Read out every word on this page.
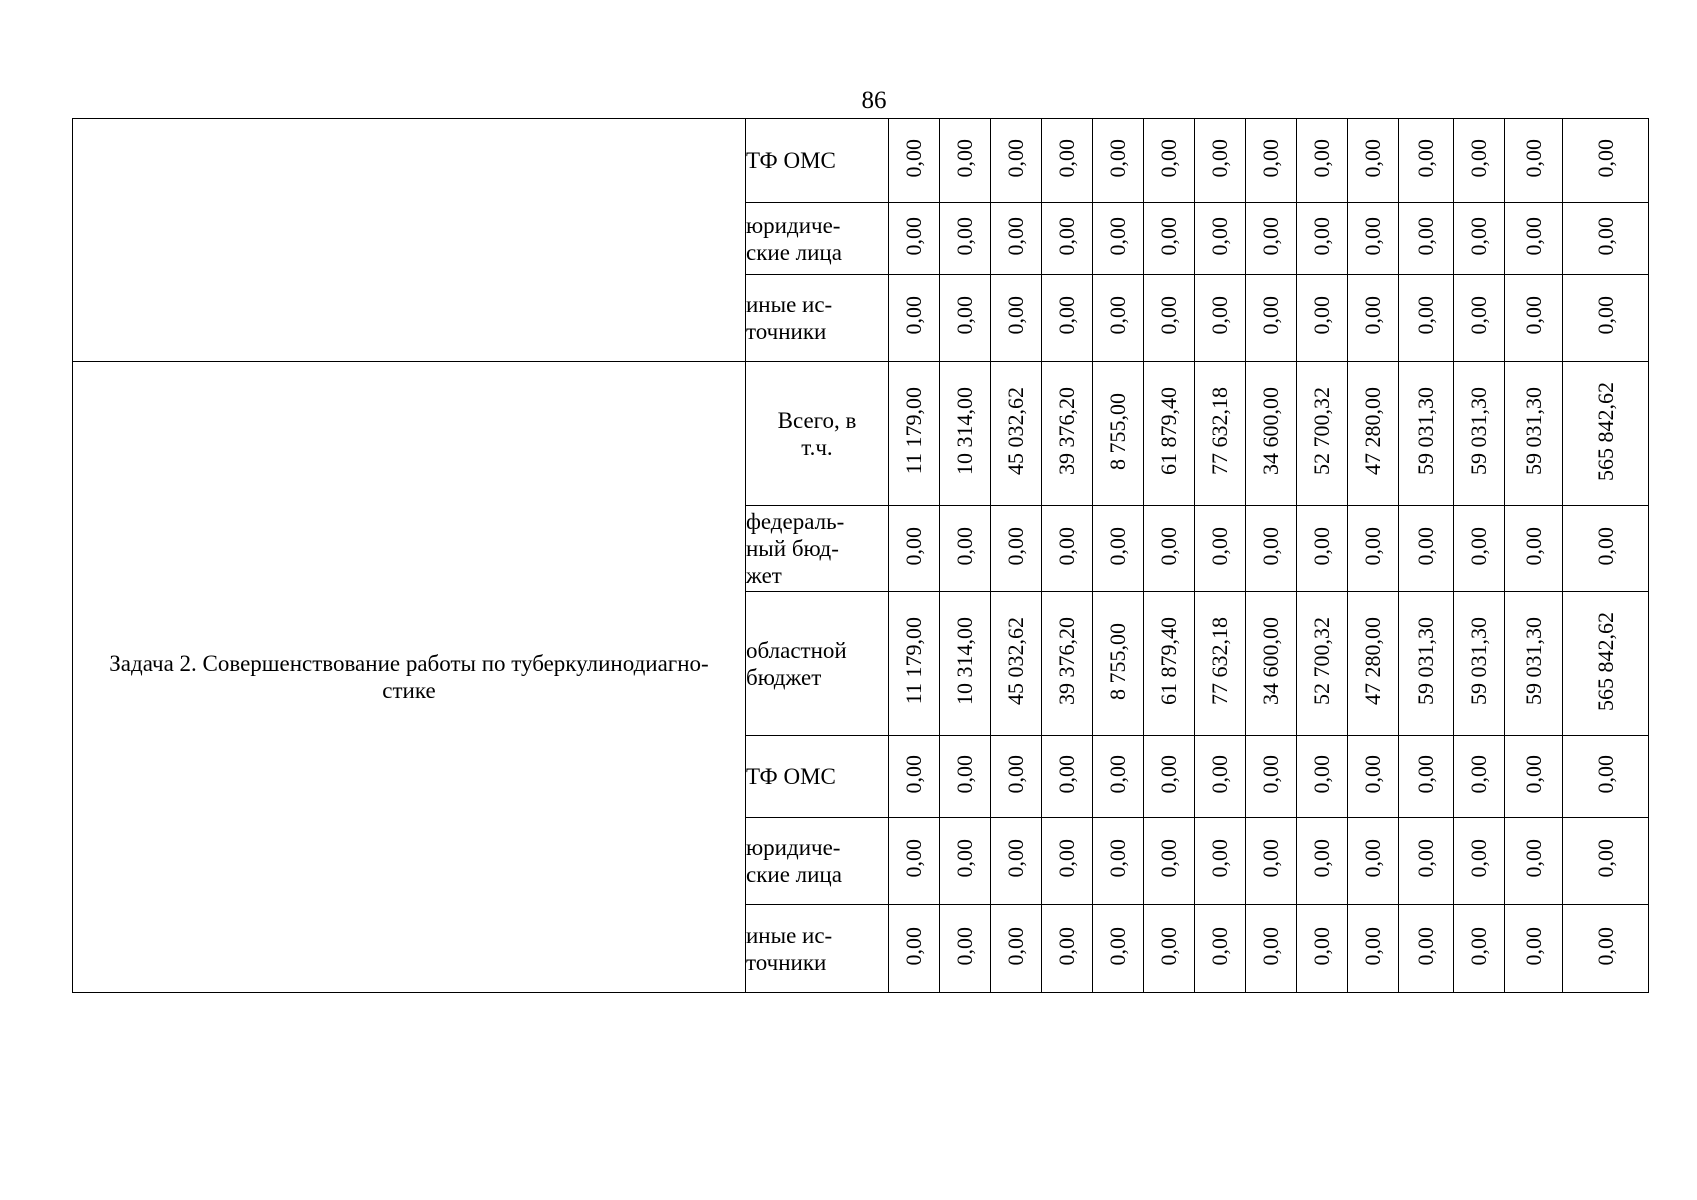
86
	ТФ ОМС	0,00	0,00	0,00	0,00	0,00	0,00	0,00	0,00	0,00	0,00	0,00	0,00	0,00	0,00
	юридиче-
ские лица	0,00	0,00	0,00	0,00	0,00	0,00	0,00	0,00	0,00	0,00	0,00	0,00	0,00	0,00
	иные ис-
точники	0,00	0,00	0,00	0,00	0,00	0,00	0,00	0,00	0,00	0,00	0,00	0,00	0,00	0,00
Задача 2. Совершенствование работы по туберкулинодиагно-
стике	Всего, в
т.ч.	11 179,00	10 314,00	45 032,62	39 376,20	8 755,00	61 879,40	77 632,18	34 600,00	52 700,32	47 280,00	59 031,30	59 031,30	59 031,30	565 842,62
	федераль-
ный бюд-
жет	0,00	0,00	0,00	0,00	0,00	0,00	0,00	0,00	0,00	0,00	0,00	0,00	0,00	0,00
	областной
бюджет	11 179,00	10 314,00	45 032,62	39 376,20	8 755,00	61 879,40	77 632,18	34 600,00	52 700,32	47 280,00	59 031,30	59 031,30	59 031,30	565 842,62
	ТФ ОМС	0,00	0,00	0,00	0,00	0,00	0,00	0,00	0,00	0,00	0,00	0,00	0,00	0,00	0,00
	юридиче-
ские лица	0,00	0,00	0,00	0,00	0,00	0,00	0,00	0,00	0,00	0,00	0,00	0,00	0,00	0,00
	иные ис-
точники	0,00	0,00	0,00	0,00	0,00	0,00	0,00	0,00	0,00	0,00	0,00	0,00	0,00	0,00
